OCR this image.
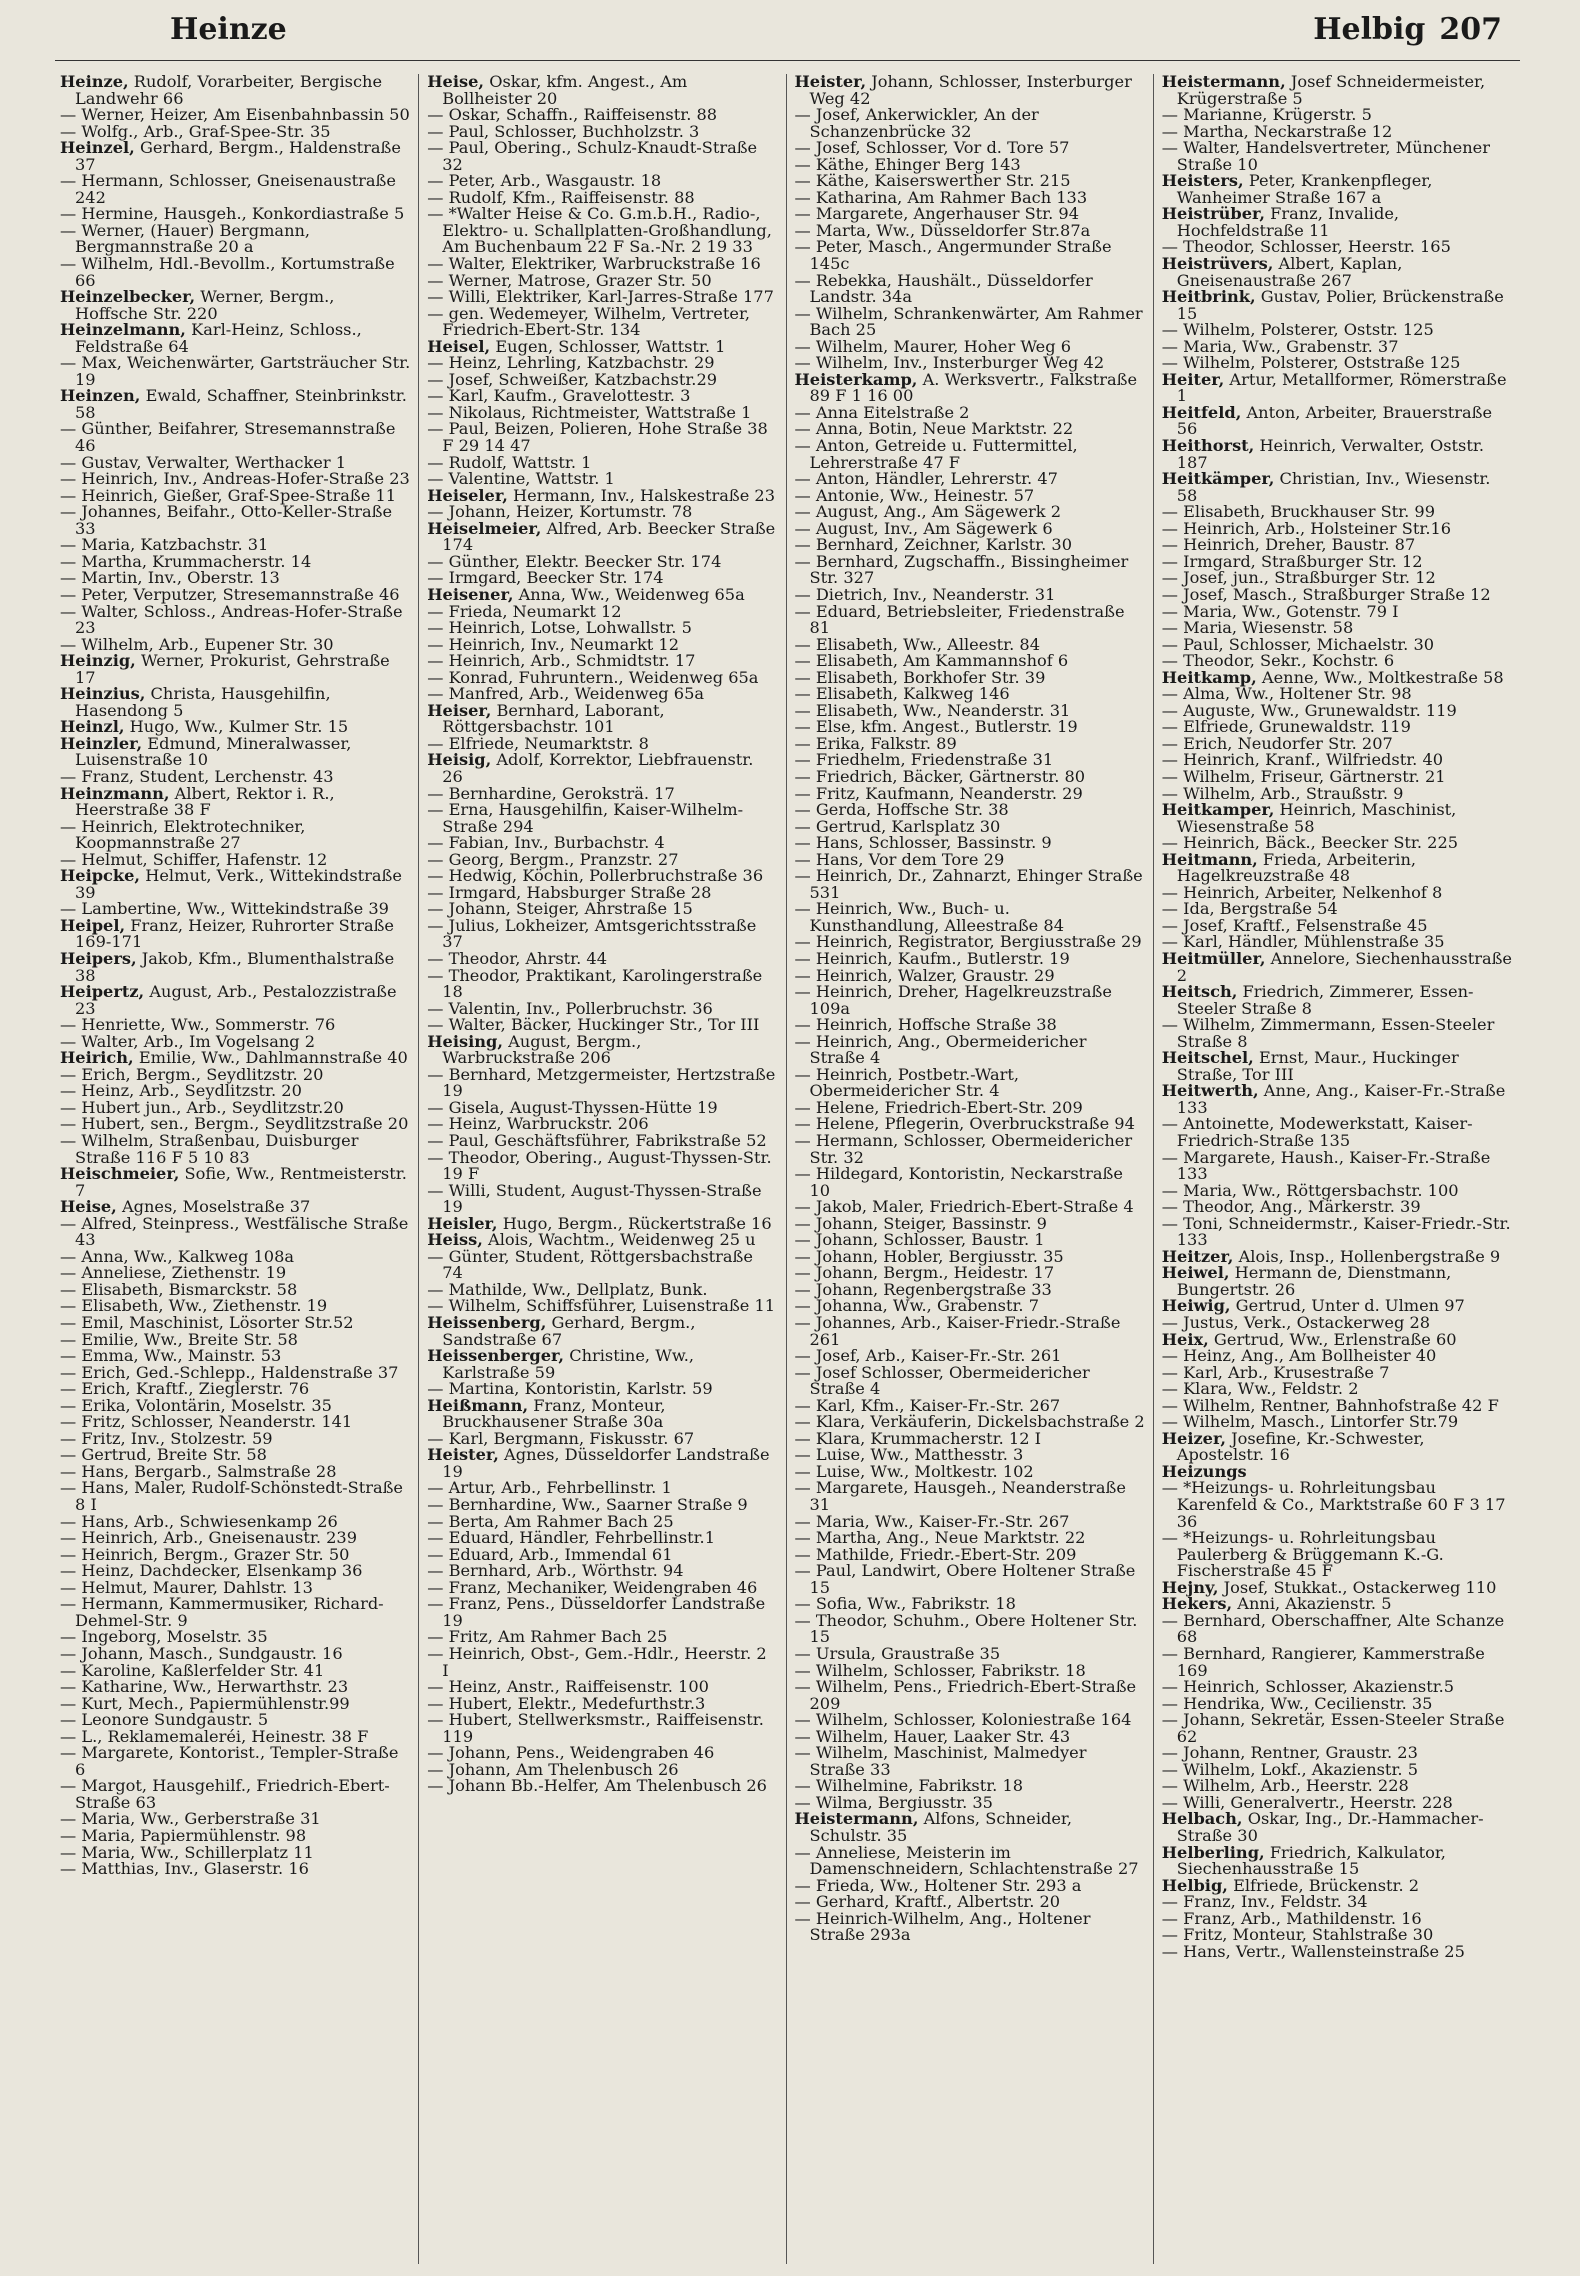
Heinze	Helbig 207
Heinze, Rudolf, Vorarbeiter, Bergische Landwehr 66
— Werner, Heizer, Am Eisenbahnbassin 50
— Wolfg., Arb., Graf-Spee-Str. 35
Heinzel, Gerhard, Bergm., Haldenstraße 37
— Hermann, Schlosser, Gneisenaustraße 242
— Hermine, Hausgeh., Konkordiastraße 5
— Werner, (Hauer) Bergmann, Bergmannstraße 20 a
— Wilhelm, Hdl.-Bevollm., Kortumstraße 66
Heinzelbecker, Werner, Bergm., Hoffsche Str. 220
Heinzelmann, Karl-Heinz, Schloss., Feldstraße 64
— Max, Weichenwärter, Gartsträucher Str. 19
Heinzen, Ewald, Schaffner, Steinbrinkstr. 58
— Günther, Beifahrer, Stresemannstraße 46
— Gustav, Verwalter, Werthacker 1
— Heinrich, Inv., Andreas-Hofer-Straße 23
— Heinrich, Gießer, Graf-Spee-Straße 11
— Johannes, Beifahr., Otto-Keller-Straße 33
— Maria, Katzbachstr. 31
— Martha, Krummacherstr. 14
— Martin, Inv., Oberstr. 13
— Peter, Verputzer, Stresemannstraße 46
— Walter, Schloss., Andreas-Hofer-Straße 23
— Wilhelm, Arb., Eupener Str. 30
Heinzig, Werner, Prokurist, Gehrstraße 17
Heinzius, Christa, Hausgehilfin, Hasendong 5
Heinzl, Hugo, Ww., Kulmer Str. 15
Heinzler, Edmund, Mineralwasser, Luisenstraße 10
— Franz, Student, Lerchenstr. 43
Heinzmann, Albert, Rektor i. R., Heerstraße 38 F
— Heinrich, Elektrotechniker, Koopmannstraße 27
— Helmut, Schiffer, Hafenstr. 12
Heipcke, Helmut, Verk., Wittekindstraße 39
— Lambertine, Ww., Wittekindstraße 39
Heipel, Franz, Heizer, Ruhrorter Straße 169-171
Heipers, Jakob, Kfm., Blumenthalstraße 38
Heipertz, August, Arb., Pestalozzistraße 23
— Henriette, Ww., Sommerstr. 76
— Walter, Arb., Im Vogelsang 2
Heirich, Emilie, Ww., Dahlmannstraße 40
— Erich, Bergm., Seydlitzstr. 20
— Heinz, Arb., Seydlitzstr. 20
— Hubert jun., Arb., Seydlitzstr.20
— Hubert, sen., Bergm., Seydlitzstraße 20
— Wilhelm, Straßenbau, Duisburger Straße 116 F 5 10 83
Heischmeier, Sofie, Ww., Rentmeisterstr. 7
Heise, Agnes, Moselstraße 37
— Alfred, Steinpress., Westfälische Straße 43
— Anna, Ww., Kalkweg 108a
— Anneliese, Ziethenstr. 19
— Elisabeth, Bismarckstr. 58
— Elisabeth, Ww., Ziethenstr. 19
— Emil, Maschinist, Lösorter Str.52
— Emilie, Ww., Breite Str. 58
— Emma, Ww., Mainstr. 53
— Erich, Ged.-Schlepp., Haldenstraße 37
— Erich, Kraftf., Zieglerstr. 76
— Erika, Volontärin, Moselstr. 35
— Fritz, Schlosser, Neanderstr. 141
— Fritz, Inv., Stolzestr. 59
— Gertrud, Breite Str. 58
— Hans, Bergarb., Salmstraße 28
— Hans, Maler, Rudolf-Schönstedt-Straße 8 I
— Hans, Arb., Schwiesenkamp 26
— Heinrich, Arb., Gneisenaustr. 239
— Heinrich, Bergm., Grazer Str. 50
— Heinz, Dachdecker, Elsenkamp 36
— Helmut, Maurer, Dahlstr. 13
— Hermann, Kammermusiker, Richard-Dehmel-Str. 9
— Ingeborg, Moselstr. 35
— Johann, Masch., Sundgaustr. 16
— Karoline, Kaßlerfelder Str. 41
— Katharine, Ww., Herwarthstr. 23
— Kurt, Mech., Papiermühlenstr.99
— Leonore Sundgaustr. 5
— L., Reklamemaleréi, Heinestr. 38 F
— Margarete, Kontorist., Templer-Straße 6
— Margot, Hausgehilf., Friedrich-Ebert-Straße 63
— Maria, Ww., Gerberstraße 31
— Maria, Papiermühlenstr. 98
— Maria, Ww., Schillerplatz 11
— Matthias, Inv., Glaserstr. 16
Heise, Oskar, kfm. Angest., Am Bollheister 20
— Oskar, Schaffn., Raiffeisenstr. 88
— Paul, Schlosser, Buchholzstr. 3
— Paul, Obering., Schulz-Knaudt-Straße 32
— Peter, Arb., Wasgaustr. 18
— Rudolf, Kfm., Raiffeisenstr. 88
— *Walter Heise & Co. G.m.b.H., Radio-, Elektro- u. Schallplatten-Großhandlung, Am Buchenbaum 22 F Sa.-Nr. 2 19 33
— Walter, Elektriker, Warbruckstraße 16
— Werner, Matrose, Grazer Str. 50
— Willi, Elektriker, Karl-Jarres-Straße 177
— gen. Wedemeyer, Wilhelm, Vertreter, Friedrich-Ebert-Str. 134
Heisel, Eugen, Schlosser, Wattstr. 1
— Heinz, Lehrling, Katzbachstr. 29
— Josef, Schweißer, Katzbachstr.29
— Karl, Kaufm., Gravelottestr. 3
— Nikolaus, Richtmeister, Wattstraße 1
— Paul, Beizen, Polieren, Hohe Straße 38 F 29 14 47
— Rudolf, Wattstr. 1
— Valentine, Wattstr. 1
Heiseler, Hermann, Inv., Halskestraße 23
— Johann, Heizer, Kortumstr. 78
Heiselmeier, Alfred, Arb. Beecker Straße 174
— Günther, Elektr. Beecker Str. 174
— Irmgard, Beecker Str. 174
Heisener, Anna, Ww., Weidenweg 65a
— Frieda, Neumarkt 12
— Heinrich, Lotse, Lohwallstr. 5
— Heinrich, Inv., Neumarkt 12
— Heinrich, Arb., Schmidtstr. 17
— Konrad, Fuhruntern., Weidenweg 65a
— Manfred, Arb., Weidenweg 65a
Heiser, Bernhard, Laborant, Röttgersbachstr. 101
— Elfriede, Neumarktstr. 8
Heisig, Adolf, Korrektor, Liebfrauenstr. 26
— Bernhardine, Geroksträ. 17
— Erna, Hausgehilfin, Kaiser-Wilhelm-Straße 294
— Fabian, Inv., Burbachstr. 4
— Georg, Bergm., Pranzstr. 27
— Hedwig, Köchin, Pollerbruchstraße 36
— Irmgard, Habsburger Straße 28
— Johann, Steiger, Ahrstraße 15
— Julius, Lokheizer, Amtsgerichtsstraße 37
— Theodor, Ahrstr. 44
— Theodor, Praktikant, Karolingerstraße 18
— Valentin, Inv., Pollerbruchstr. 36
— Walter, Bäcker, Huckinger Str., Tor III
Heising, August, Bergm., Warbruckstraße 206
— Bernhard, Metzgermeister, Hertzstraße 19
— Gisela, August-Thyssen-Hütte 19
— Heinz, Warbruckstr. 206
— Paul, Geschäftsführer, Fabrikstraße 52
— Theodor, Obering., August-Thyssen-Str. 19 F
— Willi, Student, August-Thyssen-Straße 19
Heisler, Hugo, Bergm., Rückertstraße 16
Heiss, Alois, Wachtm., Weidenweg 25 u
— Günter, Student, Röttgersbachstraße 74
— Mathilde, Ww., Dellplatz, Bunk.
— Wilhelm, Schiffsführer, Luisenstraße 11
Heissenberg, Gerhard, Bergm., Sandstraße 67
Heissenberger, Christine, Ww., Karlstraße 59
— Martina, Kontoristin, Karlstr. 59
Heißmann, Franz, Monteur, Bruckhausener Straße 30a
— Karl, Bergmann, Fiskusstr. 67
Heister, Agnes, Düsseldorfer Landstraße 19
— Artur, Arb., Fehrbellinstr. 1
— Bernhardine, Ww., Saarner Straße 9
— Berta, Am Rahmer Bach 25
— Eduard, Händler, Fehrbellinstr.1
— Eduard, Arb., Immendal 61
— Bernhard, Arb., Wörthstr. 94
— Franz, Mechaniker, Weidengraben 46
— Franz, Pens., Düsseldorfer Landstraße 19
— Fritz, Am Rahmer Bach 25
— Heinrich, Obst-, Gem.-Hdlr., Heerstr. 2 I
— Heinz, Anstr., Raiffeisenstr. 100
— Hubert, Elektr., Medefurthstr.3
— Hubert, Stellwerksmstr., Raiffeisenstr. 119
— Johann, Pens., Weidengraben 46
— Johann, Am Thelenbusch 26
— Johann Bb.-Helfer, Am Thelenbusch 26
Heister, Johann, Schlosser, Insterburger Weg 42
— Josef, Ankerwickler, An der Schanzenbrücke 32
— Josef, Schlosser, Vor d. Tore 57
— Käthe, Ehinger Berg 143
— Käthe, Kaiserswerther Str. 215
— Katharina, Am Rahmer Bach 133
— Margarete, Angerhauser Str. 94
— Marta, Ww., Düsseldorfer Str.87a
— Peter, Masch., Angermunder Straße 145c
— Rebekka, Haushält., Düsseldorfer Landstr. 34a
— Wilhelm, Schrankenwärter, Am Rahmer Bach 25
— Wilhelm, Maurer, Hoher Weg 6
— Wilhelm, Inv., Insterburger Weg 42
Heisterkamp, A. Werksvertr., Falkstraße 89 F 1 16 00
— Anna Eitelstraße 2
— Anna, Botin, Neue Marktstr. 22
— Anton, Getreide u. Futtermittel, Lehrerstraße 47 F
— Anton, Händler, Lehrerstr. 47
— Antonie, Ww., Heinestr. 57
— August, Ang., Am Sägewerk 2
— August, Inv., Am Sägewerk 6
— Bernhard, Zeichner, Karlstr. 30
— Bernhard, Zugschaffn., Bissingheimer Str. 327
— Dietrich, Inv., Neanderstr. 31
— Eduard, Betriebsleiter, Friedenstraße 81
— Elisabeth, Ww., Alleestr. 84
— Elisabeth, Am Kammannshof 6
— Elisabeth, Borkhofer Str. 39
— Elisabeth, Kalkweg 146
— Elisabeth, Ww., Neanderstr. 31
— Else, kfm. Angest., Butlerstr. 19
— Erika, Falkstr. 89
— Friedhelm, Friedenstraße 31
— Friedrich, Bäcker, Gärtnerstr. 80
— Fritz, Kaufmann, Neanderstr. 29
— Gerda, Hoffsche Str. 38
— Gertrud, Karlsplatz 30
— Hans, Schlosser, Bassinstr. 9
— Hans, Vor dem Tore 29
— Heinrich, Dr., Zahnarzt, Ehinger Straße 531
— Heinrich, Ww., Buch- u. Kunsthandlung, Alleestraße 84
— Heinrich, Registrator, Bergiusstraße 29
— Heinrich, Kaufm., Butlerstr. 19
— Heinrich, Walzer, Graustr. 29
— Heinrich, Dreher, Hagelkreuzstraße 109a
— Heinrich, Hoffsche Straße 38
— Heinrich, Ang., Obermeidericher Straße 4
— Heinrich, Postbetr.-Wart, Obermeidericher Str. 4
— Helene, Friedrich-Ebert-Str. 209
— Helene, Pflegerin, Overbruckstraße 94
— Hermann, Schlosser, Obermeidericher Str. 32
— Hildegard, Kontoristin, Neckarstraße 10
— Jakob, Maler, Friedrich-Ebert-Straße 4
— Johann, Steiger, Bassinstr. 9
— Johann, Schlosser, Baustr. 1
— Johann, Hobler, Bergiusstr. 35
— Johann, Bergm., Heidestr. 17
— Johann, Regenbergstraße 33
— Johanna, Ww., Grabenstr. 7
— Johannes, Arb., Kaiser-Friedr.-Straße 261
— Josef, Arb., Kaiser-Fr.-Str. 261
— Josef Schlosser, Obermeidericher Straße 4
— Karl, Kfm., Kaiser-Fr.-Str. 267
— Klara, Verkäuferin, Dickelsbachstraße 2
— Klara, Krummacherstr. 12 I
— Luise, Ww., Matthesstr. 3
— Luise, Ww., Moltkestr. 102
— Margarete, Hausgeh., Neanderstraße 31
— Maria, Ww., Kaiser-Fr.-Str. 267
— Martha, Ang., Neue Marktstr. 22
— Mathilde, Friedr.-Ebert-Str. 209
— Paul, Landwirt, Obere Holtener Straße 15
— Sofia, Ww., Fabrikstr. 18
— Theodor, Schuhm., Obere Holtener Str. 15
— Ursula, Graustraße 35
— Wilhelm, Schlosser, Fabrikstr. 18
— Wilhelm, Pens., Friedrich-Ebert-Straße 209
— Wilhelm, Schlosser, Koloniestraße 164
— Wilhelm, Hauer, Laaker Str. 43
— Wilhelm, Maschinist, Malmedyer Straße 33
— Wilhelmine, Fabrikstr. 18
— Wilma, Bergiusstr. 35
Heistermann, Alfons, Schneider, Schulstr. 35
— Anneliese, Meisterin im Damenschneidern, Schlachtenstraße 27
— Frieda, Ww., Holtener Str. 293 a
— Gerhard, Kraftf., Albertstr. 20
— Heinrich-Wilhelm, Ang., Holtener Straße 293a
Heistermann, Josef Schneidermeister, Krügerstraße 5
— Marianne, Krügerstr. 5
— Martha, Neckarstraße 12
— Walter, Handelsvertreter, Münchener Straße 10
Heisters, Peter, Krankenpfleger, Wanheimer Straße 167 a
Heistrüber, Franz, Invalide, Hochfeldstraße 11
— Theodor, Schlosser, Heerstr. 165
Heistrüvers, Albert, Kaplan, Gneisenaustraße 267
Heitbrink, Gustav, Polier, Brückenstraße 15
— Wilhelm, Polsterer, Oststr. 125
— Maria, Ww., Grabenstr. 37
— Wilhelm, Polsterer, Oststraße 125
Heiter, Artur, Metallformer, Römerstraße 1
Heitfeld, Anton, Arbeiter, Brauerstraße 56
Heithorst, Heinrich, Verwalter, Oststr. 187
Heitkämper, Christian, Inv., Wiesenstr. 58
— Elisabeth, Bruckhauser Str. 99
— Heinrich, Arb., Holsteiner Str.16
— Heinrich, Dreher, Baustr. 87
— Irmgard, Straßburger Str. 12
— Josef, jun., Straßburger Str. 12
— Josef, Masch., Straßburger Straße 12
— Maria, Ww., Gotenstr. 79 I
— Maria, Wiesenstr. 58
— Paul, Schlosser, Michaelstr. 30
— Theodor, Sekr., Kochstr. 6
Heitkamp, Aenne, Ww., Moltkestraße 58
— Alma, Ww., Holtener Str. 98
— Auguste, Ww., Grunewaldstr. 119
— Elfriede, Grunewaldstr. 119
— Erich, Neudorfer Str. 207
— Heinrich, Kranf., Wilfriedstr. 40
— Wilhelm, Friseur, Gärtnerstr. 21
— Wilhelm, Arb., Straußstr. 9
Heitkamper, Heinrich, Maschinist, Wiesenstraße 58
— Heinrich, Bäck., Beecker Str. 225
Heitmann, Frieda, Arbeiterin, Hagelkreuzstraße 48
— Heinrich, Arbeiter, Nelkenhof 8
— Ida, Bergstraße 54
— Josef, Kraftf., Felsenstraße 45
— Karl, Händler, Mühlenstraße 35
Heitmüller, Annelore, Siechenhausstraße 2
Heitsch, Friedrich, Zimmerer, Essen-Steeler Straße 8
— Wilhelm, Zimmermann, Essen-Steeler Straße 8
Heitschel, Ernst, Maur., Huckinger Straße, Tor III
Heitwerth, Anne, Ang., Kaiser-Fr.-Straße 133
— Antoinette, Modewerkstatt, Kaiser-Friedrich-Straße 135
— Margarete, Haush., Kaiser-Fr.-Straße 133
— Maria, Ww., Röttgersbachstr. 100
— Theodor, Ang., Märkerstr. 39
— Toni, Schneidermstr., Kaiser-Friedr.-Str. 133
Heitzer, Alois, Insp., Hollenbergstraße 9
Heiwel, Hermann de, Dienstmann, Bungertstr. 26
Heiwig, Gertrud, Unter d. Ulmen 97
— Justus, Verk., Ostackerweg 28
Heix, Gertrud, Ww., Erlenstraße 60
— Heinz, Ang., Am Bollheister 40
— Karl, Arb., Krusestraße 7
— Klara, Ww., Feldstr. 2
— Wilhelm, Rentner, Bahnhofstraße 42 F
— Wilhelm, Masch., Lintorfer Str.79
Heizer, Josefine, Kr.-Schwester, Apostelstr. 16
Heizungs
— *Heizungs- u. Rohrleitungsbau Karenfeld & Co., Marktstraße 60 F 3 17 36
— *Heizungs- u. Rohrleitungsbau Paulerberg & Brüggemann K.-G. Fischerstraße 45 F
Hejny, Josef, Stukkat., Ostackerweg 110
Hekers, Anni, Akazienstr. 5
— Bernhard, Oberschaffner, Alte Schanze 68
— Bernhard, Rangierer, Kammerstraße 169
— Heinrich, Schlosser, Akazienstr.5
— Hendrika, Ww., Cecilienstr. 35
— Johann, Sekretär, Essen-Steeler Straße 62
— Johann, Rentner, Graustr. 23
— Wilhelm, Lokf., Akazienstr. 5
— Wilhelm, Arb., Heerstr. 228
— Willi, Generalvertr., Heerstr. 228
Helbach, Oskar, Ing., Dr.-Hammacher-Straße 30
Helberling, Friedrich, Kalkulator, Siechenhausstraße 15
Helbig, Elfriede, Brückenstr. 2
— Franz, Inv., Feldstr. 34
— Franz, Arb., Mathildenstr. 16
— Fritz, Monteur, Stahlstraße 30
— Hans, Vertr., Wallensteinstraße 25
